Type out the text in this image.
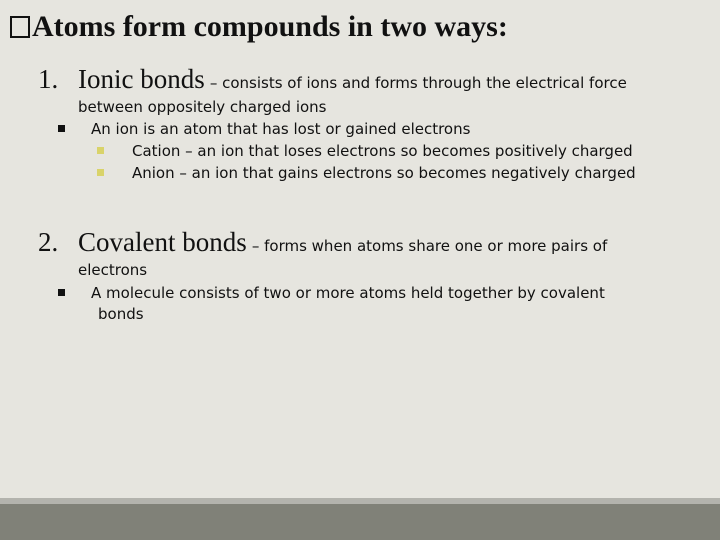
Atoms form compounds in two ways:
1. Ionic bonds – consists of ions and forms through the electrical force
between oppositely charged ions
An ion is an atom that has lost or gained electrons
Cation – an ion that loses electrons so becomes positively charged
Anion – an ion that gains electrons so becomes negatively charged
2. Covalent bonds – forms when atoms share one or more pairs of
electrons
A molecule consists of two or more atoms held together by covalent
bonds
